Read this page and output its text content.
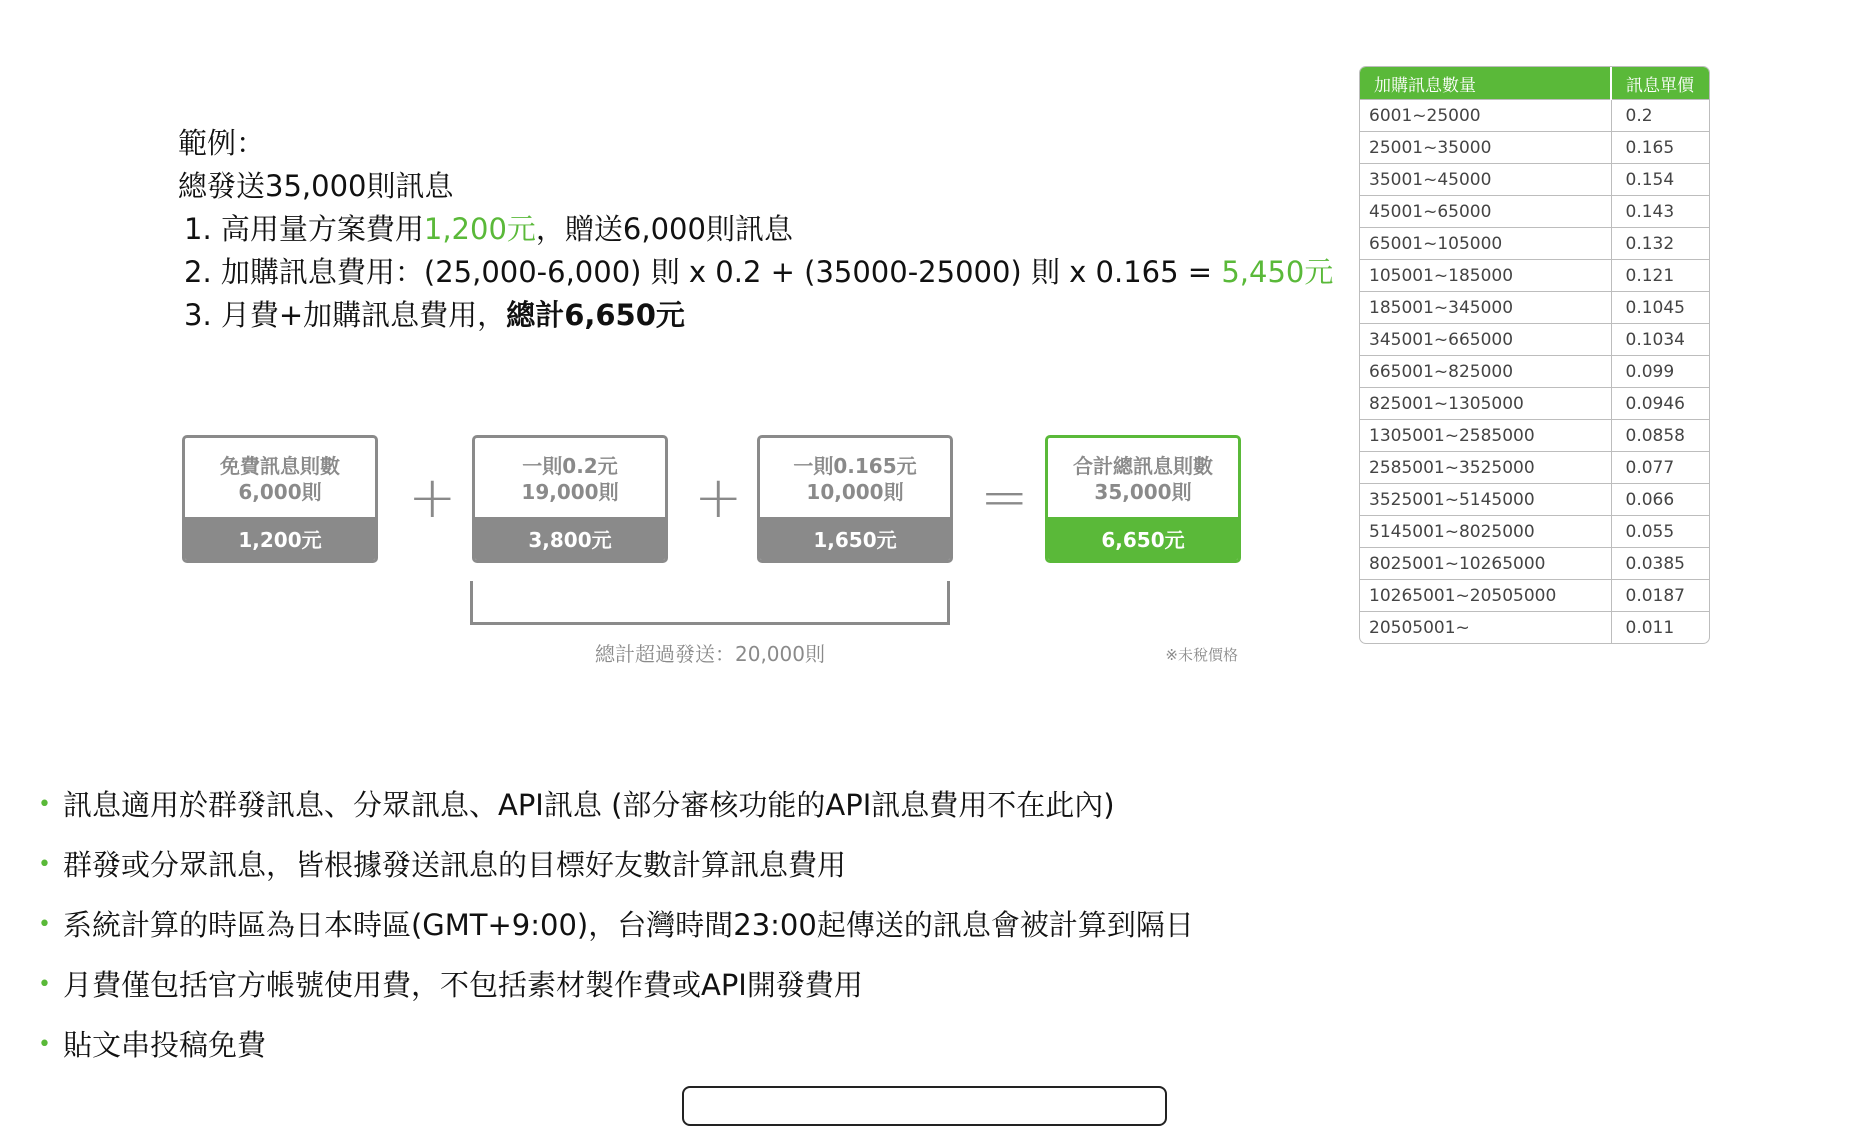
範例：
總發送35,000則訊息
1. 高用量方案費用1,200元，贈送6,000則訊息
2. 加購訊息費用：(25,000-6,000) 則 x 0.2 + (35000-25000) 則 x 0.165 = 5,450元
3. 月費+加購訊息費用，總計6,650元
免費訊息則數
6,000則
1,200元
+	一則0.2元
19,000則
3,800元
+	一則0.165元
10,000則
1,650元
= 合計總訊息則數
35,000則
6,650元
總計超過發送：20,000則	※未稅價格
加購訊息數量	訊息單價
6001~25000	0.2
25001~35000	0.165
35001~45000	0.154
45001~65000	0.143
65001~105000	0.132
105001~185000	0.121
185001~345000	0.1045
345001~665000	0.1034
665001~825000	0.099
825001~1305000	0.0946
1305001~2585000	0.0858
2585001~3525000	0.077
3525001~5145000	0.066
5145001~8025000	0.055
8025001~10265000	0.0385
10265001~20505000	0.0187
20505001~	0.011
• 訊息適用於群發訊息、分眾訊息、API訊息 (部分審核功能的API訊息費用不在此內)
• 群發或分眾訊息，皆根據發送訊息的目標好友數計算訊息費用
• 系統計算的時區為日本時區(GMT+9:00)，台灣時間23:00起傳送的訊息會被計算到隔日
• 月費僅包括官方帳號使用費，不包括素材製作費或API開發費用
• 貼文串投稿免費
